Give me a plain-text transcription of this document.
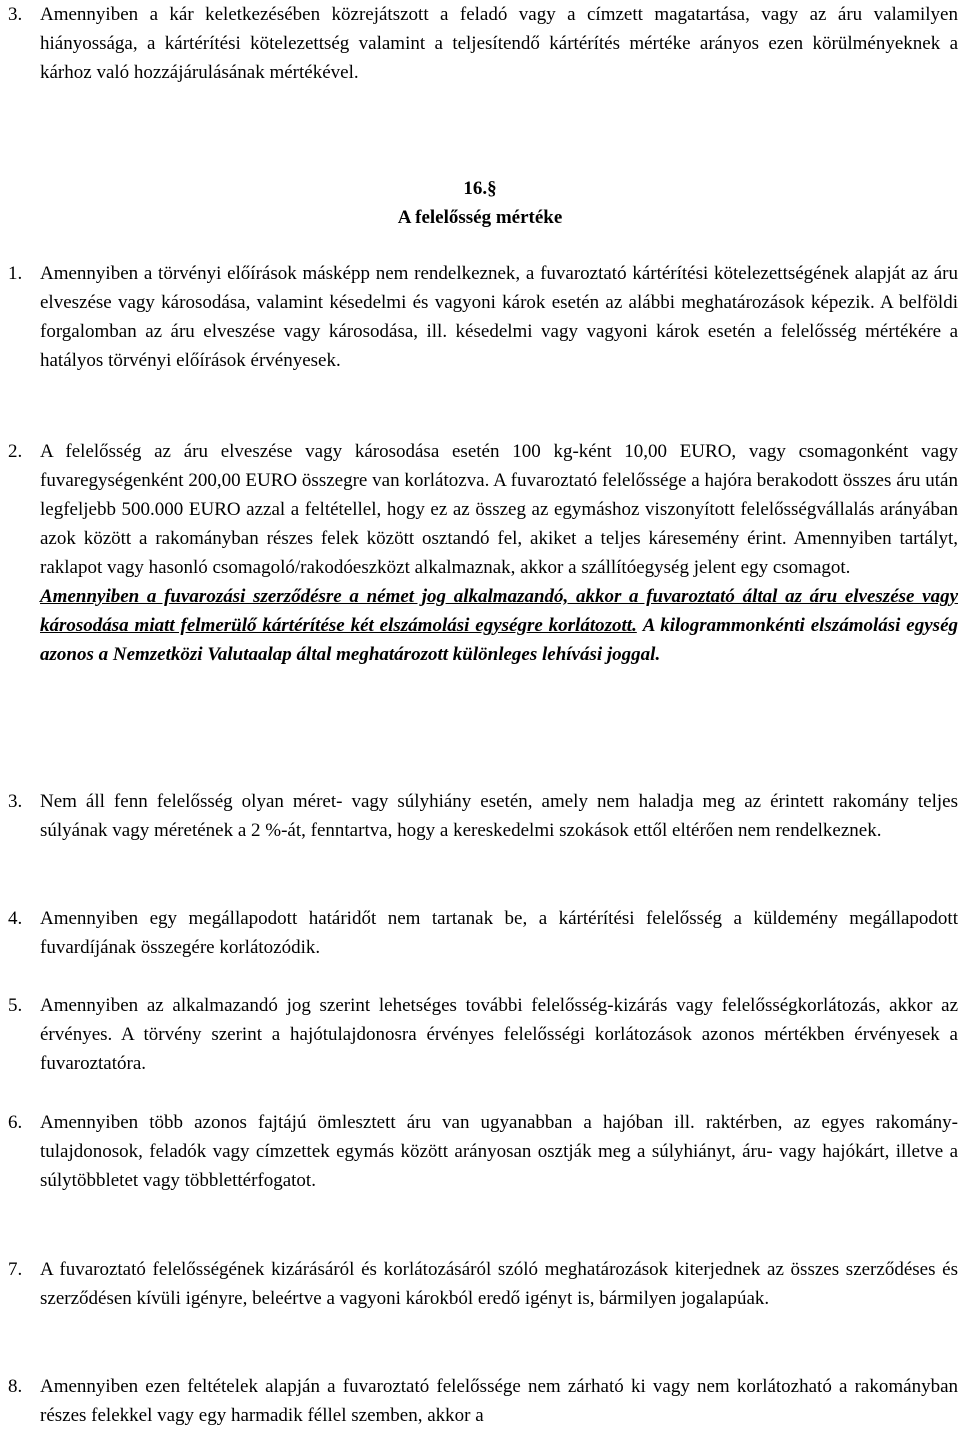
3. Amennyiben a kár keletkezésében közrejátszott a feladó vagy a címzett magatartása, vagy az áru valamilyen hiányossága, a kártérítési kötelezettség valamint a teljesítendő kártérítés mértéke arányos ezen körülményeknek a kárhoz való hozzájárulásának mértékével.
16.§
A felelősség mértéke
1. Amennyiben a törvényi előírások másképp nem rendelkeznek, a fuvaroztató kártérítési kötelezettségének alapját az áru elveszése vagy károsodása, valamint késedelmi és vagyoni károk esetén az alábbi meghatározások képezik. A belföldi forgalomban az áru elveszése vagy károsodása, ill. késedelmi vagy vagyoni károk esetén a felelősség mértékére a hatályos törvényi előírások érvényesek.
2. A felelősség az áru elveszése vagy károsodása esetén 100 kg-ként 10,00 EURO, vagy csomagonként vagy fuvaregységenként 200,00 EURO összegre van korlátozva. A fuvaroztató felelőssége a hajóra berakodott összes áru után legfeljebb 500.000 EURO azzal a feltétellel, hogy ez az összeg az egymáshoz viszonyított felelősségvállalás arányában azok között a rakományban részes felek között osztandó fel, akiket a teljes káresemény érint. Amennyiben tartályt, raklapot vagy hasonló csomagoló/rakodóeszközt alkalmaznak, akkor a szállítóegység jelent egy csomagot.
Amennyiben a fuvarozási szerződésre a német jog alkalmazandó, akkor a fuvaroztató által az áru elveszése vagy károsodása miatt felmerülő kártérítése két elszámolási egységre korlátozott. A kilogrammonkénti elszámolási egység azonos a Nemzetközi Valutaalap által meghatározott különleges lehívási joggal.
3. Nem áll fenn felelősség olyan méret- vagy súlyhiány esetén, amely nem haladja meg az érintett rakomány teljes súlyának vagy méretének a 2 %-át, fenntartva, hogy a kereskedelmi szokások ettől eltérően nem rendelkeznek.
4. Amennyiben egy megállapodott határidőt nem tartanak be, a kártérítési felelősség a küldemény megállapodott fuvardíjának összegére korlátozódik.
5. Amennyiben az alkalmazandó jog szerint lehetséges további felelősség-kizárás vagy felelősségkorlátozás, akkor az érvényes. A törvény szerint a hajótulajdonosra érvényes felelősségi korlátozások azonos mértékben érvényesek a fuvaroztatóra.
6. Amennyiben több azonos fajtájú ömlesztett áru van ugyanabban a hajóban ill. raktérben, az egyes rakomány-tulajdonosok, feladók vagy címzettek egymás között arányosan osztják meg a súlyhiányt, áru- vagy hajókárt, illetve a súlytöbbletet vagy többlettérfogatot.
7. A fuvaroztató felelősségének kizárásáról és korlátozásáról szóló meghatározások kiterjednek az összes szerződéses és szerződésen kívüli igényre, beleértve a vagyoni károkból eredő igényt is, bármilyen jogalapúak.
8. Amennyiben ezen feltételek alapján a fuvaroztató felelőssége nem zárható ki vagy nem korlátozható a rakományban részes felekkel vagy egy harmadik féllel szemben, akkor a
